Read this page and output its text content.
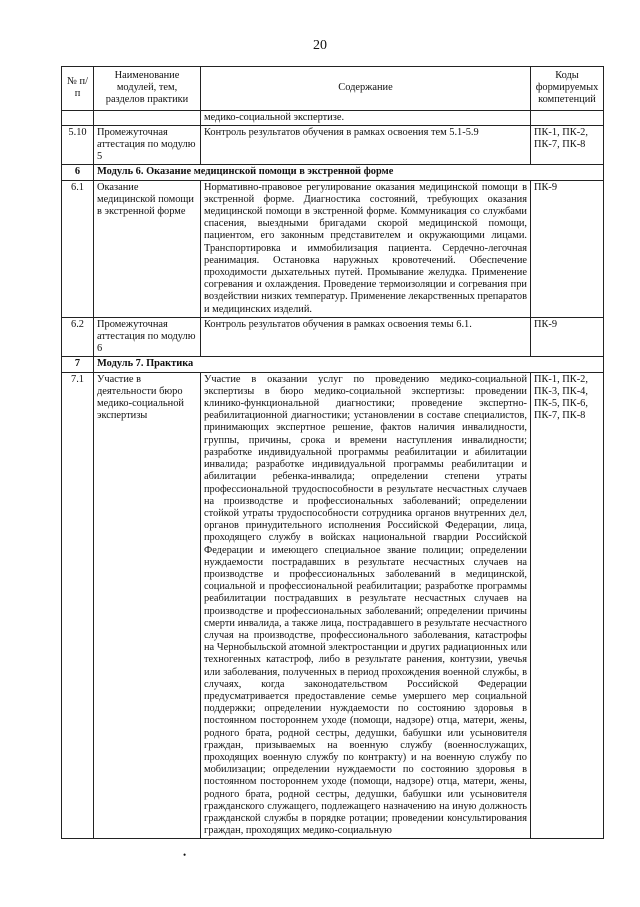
20
№ п/п	Наименование модулей, тем, разделов практики	Содержание	Коды формируемых компетенций
		медико-социальной экспертизе.	
5.10	Промежуточная аттестация по модулю 5	Контроль результатов обучения в рамках освоения тем 5.1-5.9	ПК-1, ПК-2, ПК-7, ПК-8
6	Модуль 6. Оказание медицинской помощи в экстренной форме		
6.1	Оказание медицинской помощи в экстренной форме	Нормативно-правовое регулирование оказания медицинской помощи в экстренной форме. Диагностика состояний, требующих оказания медицинской помощи в экстренной форме. Коммуникация со службами спасения, выездными бригадами скорой медицинской помощи, пациентом, его законным представителем и окружающими лицами. Транспортировка и иммобилизация пациента. Сердечно-легочная реанимация. Остановка наружных кровотечений. Обеспечение проходимости дыхательных путей. Промывание желудка. Применение согревания и охлаждения. Проведение термоизоляции и согревания при воздействии низких температур. Применение лекарственных препаратов и медицинских изделий.	ПК-9
6.2	Промежуточная аттестация по модулю 6	Контроль результатов обучения в рамках освоения темы 6.1.	ПК-9
7	Модуль 7. Практика		
7.1	Участие в деятельности бюро медико-социальной экспертизы	Участие в оказании услуг по проведению медико-социальной экспертизы в бюро медико-социальной экспертизы: проведении клинико-функциональной диагностики; проведение экспертно-реабилитационной диагностики; установлении в составе специалистов, принимающих экспертное решение, фактов наличия инвалидности, группы, причины, срока и времени наступления инвалидности; разработке индивидуальной программы реабилитации и абилитации инвалида; разработке индивидуальной программы реабилитации и абилитации ребенка-инвалида; определении степени утраты профессиональной трудоспособности в результате несчастных случаев на производстве и профессиональных заболеваний; определении стойкой утраты трудоспособности сотрудника органов внутренних дел, органов принудительного исполнения Российской Федерации, лица, проходящего службу в войсках национальной гвардии Российской Федерации и имеющего специальное звание полиции; определении нуждаемости пострадавших в результате несчастных случаев на производстве и профессиональных заболеваний в медицинской, социальной и профессиональной реабилитации; разработке программы реабилитации пострадавших в результате несчастных случаев на производстве и профессиональных заболеваний; определении причины смерти инвалида, а также лица, пострадавшего в результате несчастного случая на производстве, профессионального заболевания, катастрофы на Чернобыльской атомной электростанции и других радиационных или техногенных катастроф, либо в результате ранения, контузии, увечья или заболевания, полученных в период прохождения военной службы, в случаях, когда законодательством Российской Федерации предусматривается предоставление семье умершего мер социальной поддержки; определении нуждаемости по состоянию здоровья в постоянном постороннем уходе (помощи, надзоре) отца, матери, жены, родного брата, родной сестры, дедушки, бабушки или усыновителя граждан, призываемых на военную службу (военнослужащих, проходящих военную службу по контракту) и на военную службу по мобилизации; определении нуждаемости по состоянию здоровья в постоянном постороннем уходе (помощи, надзоре) отца, матери, жены, родного брата, родной сестры, дедушки, бабушки или усыновителя гражданского служащего, подлежащего назначению на иную должность гражданской службы в порядке ротации; проведении консультирования граждан, проходящих медико-социальную	ПК-1, ПК-2, ПК-3, ПК-4, ПК-5, ПК-6, ПК-7, ПК-8
•
